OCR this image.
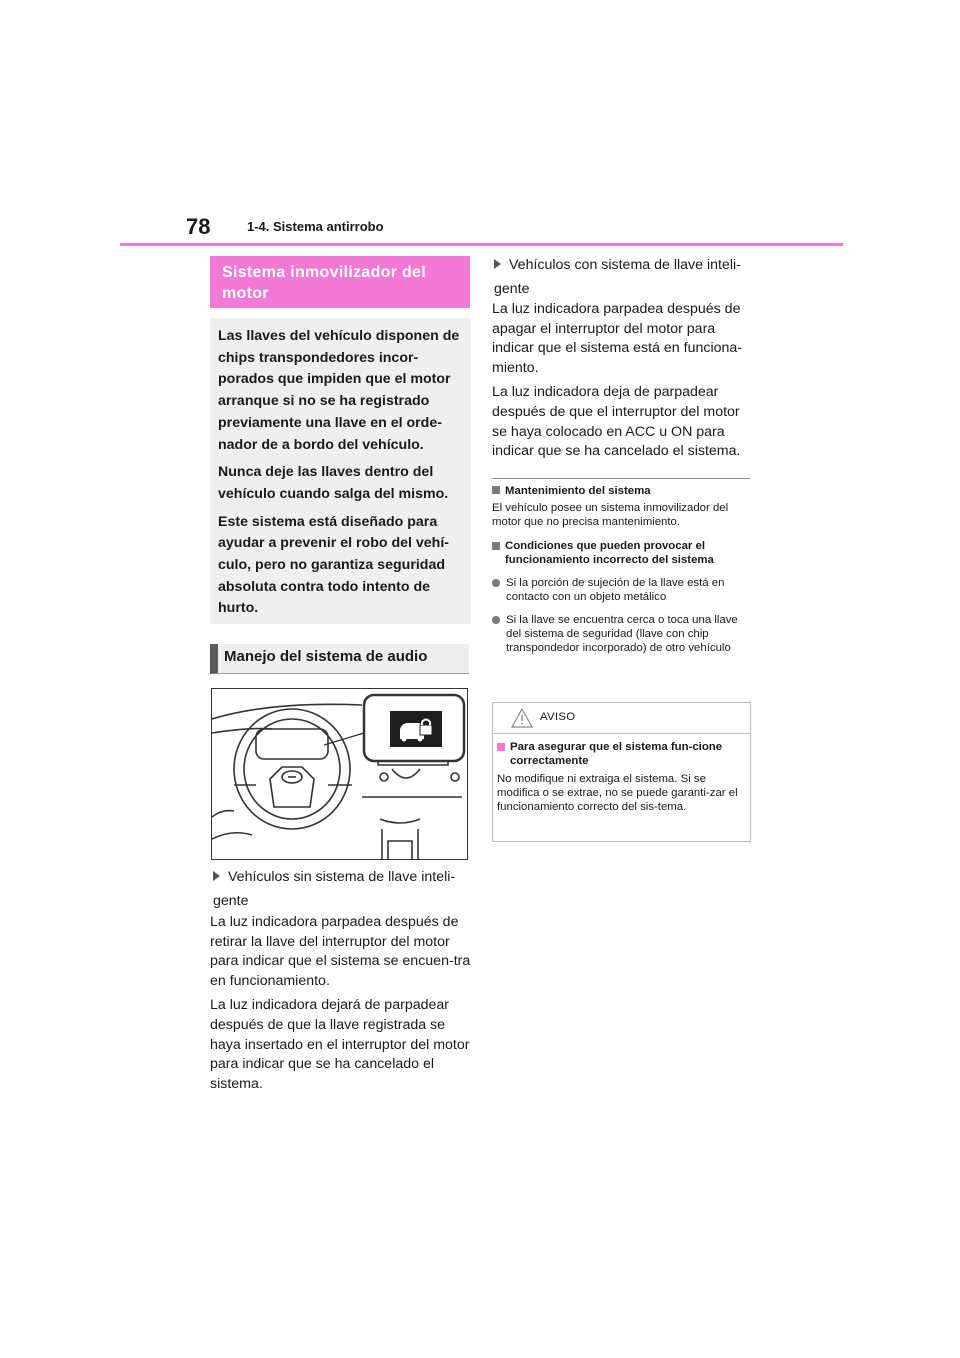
78	1-4. Sistema antirrobo
Sistema inmovilizador del motor

Las llaves del vehículo disponen de chips transpondedores incor-porados que impiden que el motor arranque si no se ha registrado previamente una llave en el orde-nador de a bordo del vehículo.

Nunca deje las llaves dentro del vehículo cuando salga del mismo.

Este sistema está diseñado para ayudar a prevenir el robo del vehí-culo, pero no garantiza seguridad absoluta contra todo intento de hurto.

Manejo del sistema de audio
Vehículos sin sistema de llave inteli-gente

La luz indicadora parpadea después de retirar la llave del interruptor del motor para indicar que el sistema se encuen-tra en funcionamiento.

La luz indicadora dejará de parpadear después de que la llave registrada se haya insertado en el interruptor del motor para indicar que se ha cancelado el sistema.

Vehículos con sistema de llave inteli-gente

La luz indicadora parpadea después de apagar el interruptor del motor para indicar que el sistema está en funciona-miento.

La luz indicadora deja de parpadear después de que el interruptor del motor se haya colocado en ACC u ON para indicar que se ha cancelado el sistema.

Mantenimiento del sistema
El vehículo posee un sistema inmovilizador del motor que no precisa mantenimiento.
Condiciones que pueden provocar el funcionamiento incorrecto del sistema
Si la porción de sujeción de la llave está en contacto con un objeto metálico
Si la llave se encuentra cerca o toca una llave del sistema de seguridad (llave con chip transpondedor incorporado) de otro vehículo
AVISO
Para asegurar que el sistema fun-cione correctamente
No modifique ni extraiga el sistema. Si se modifica o se extrae, no se puede garanti-zar el funcionamiento correcto del sis-tema.
